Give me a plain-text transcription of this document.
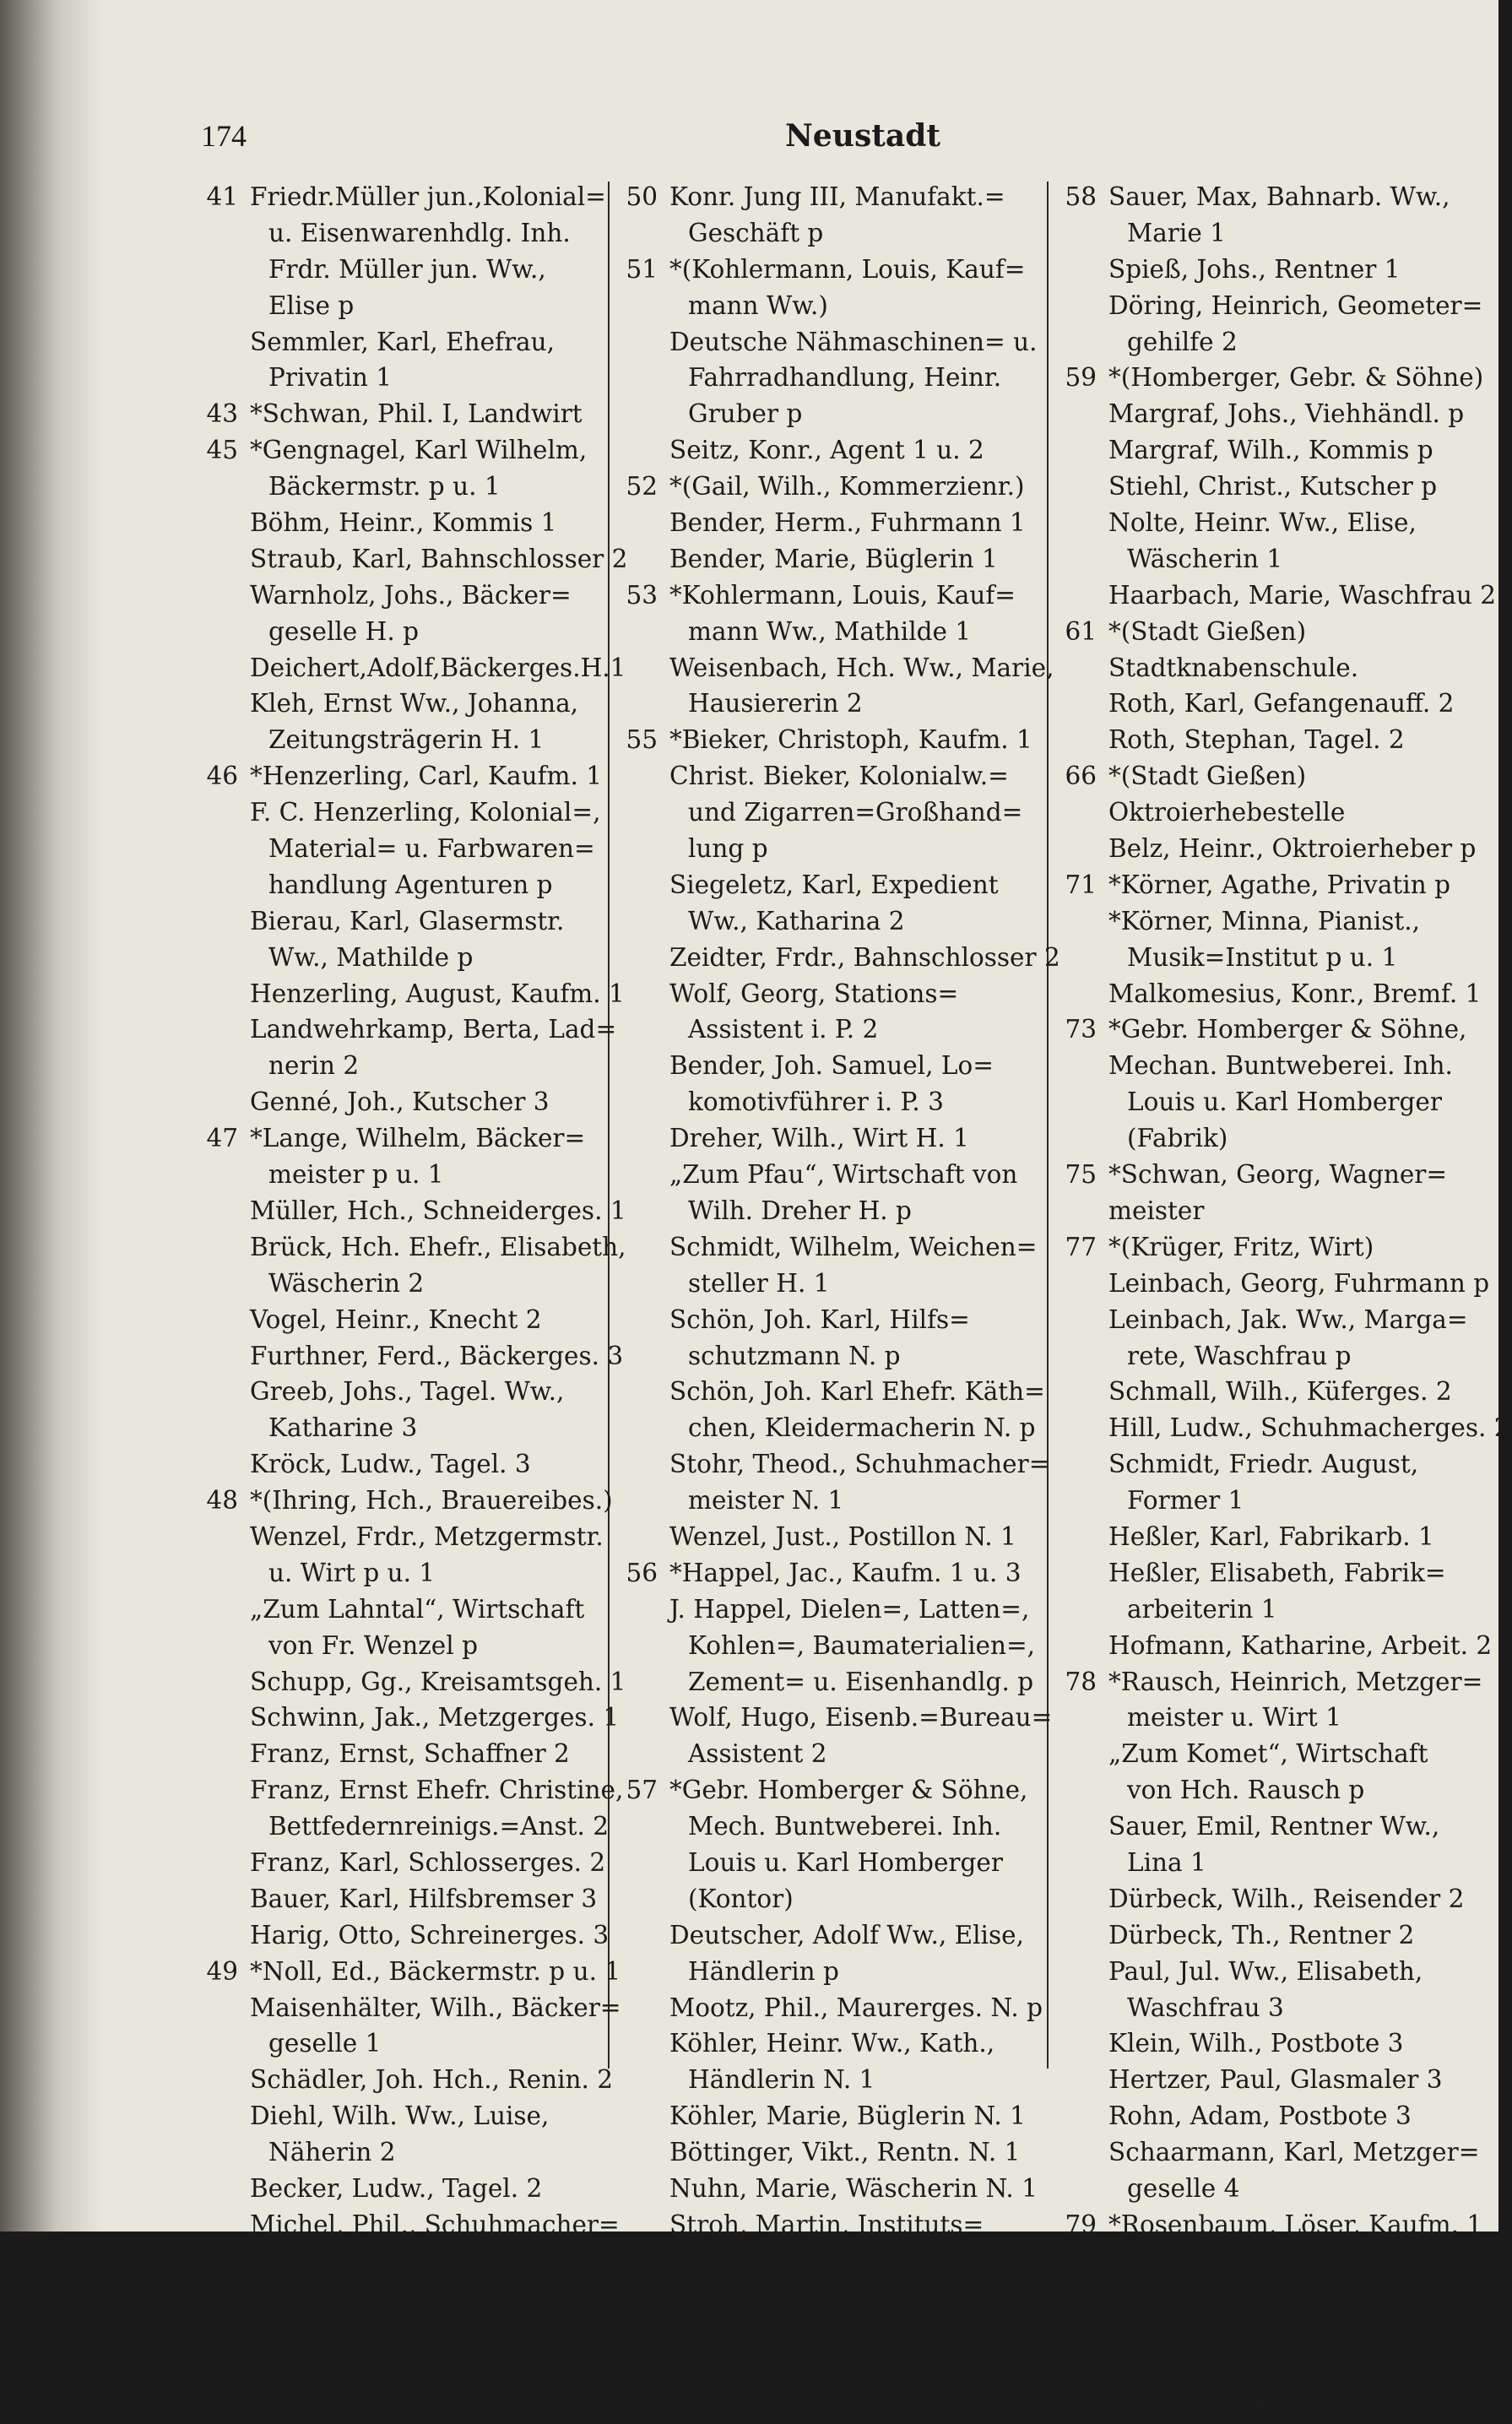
174	Neustadt
41 Friedr.Müller jun.,Kolonial=
u. Eisenwarenhdlg. Inh.
Frdr. Müller jun. Ww.,
Elise p
Semmler, Karl, Ehefrau,
Privatin 1
43 *Schwan, Phil. I, Landwirt
45 *Gengnagel, Karl Wilhelm,
Bäckermstr. p u. 1
Böhm, Heinr., Kommis 1
Straub, Karl, Bahnschlosser 2
Warnholz, Johs., Bäcker=
geselle H. p
Deichert,Adolf,Bäckerges.H.1
Kleh, Ernst Ww., Johanna,
Zeitungsträgerin H. 1
46 *Henzerling, Carl, Kaufm. 1
F. C. Henzerling, Kolonial=,
Material= u. Farbwaren=
handlung Agenturen p
Bierau, Karl, Glasermstr.
Ww., Mathilde p
Henzerling, August, Kaufm. 1
Landwehrkamp, Berta, Lad=
nerin 2
Genné, Joh., Kutscher 3
47 *Lange, Wilhelm, Bäcker=
meister p u. 1
Müller, Hch., Schneiderges. 1
Brück, Hch. Ehefr., Elisabeth,
Wäscherin 2
Vogel, Heinr., Knecht 2
Furthner, Ferd., Bäckerges. 3
Greeb, Johs., Tagel. Ww.,
Katharine 3
Kröck, Ludw., Tagel. 3
48 *(Ihring, Hch., Brauereibes.)
Wenzel, Frdr., Metzgermstr.
u. Wirt p u. 1
„Zum Lahntal“, Wirtschaft
von Fr. Wenzel p
Schupp, Gg., Kreisamtsgeh. 1
Schwinn, Jak., Metzgerges. 1
Franz, Ernst, Schaffner 2
Franz, Ernst Ehefr. Christine,
Bettfedernreinigs.=Anst. 2
Franz, Karl, Schlosserges. 2
Bauer, Karl, Hilfsbremser 3
Harig, Otto, Schreinerges. 3
49 *Noll, Ed., Bäckermstr. p u. 1
Maisenhälter, Wilh., Bäcker=
geselle 1
Schädler, Joh. Hch., Renin. 2
Diehl, Wilh. Ww., Luise,
Näherin 2
Becker, Ludw., Tagel. 2
Michel, Phil., Schuhmacher=
meister 3
Lager v. J. Happel H. p
Werner, Heinr., Städt. Arbeit.
H. 1
50 *Jung, Konr., Kaufmann
50 Konr. Jung III, Manufakt.=
Geschäft p
51 *(Kohlermann, Louis, Kauf=
mann Ww.)
Deutsche Nähmaschinen= u.
Fahrradhandlung, Heinr.
Gruber p
Seitz, Konr., Agent 1 u. 2
52 *(Gail, Wilh., Kommerzienr.)
Bender, Herm., Fuhrmann 1
Bender, Marie, Büglerin 1
53 *Kohlermann, Louis, Kauf=
mann Ww., Mathilde 1
Weisenbach, Hch. Ww., Marie,
Hausiererin 2
55 *Bieker, Christoph, Kaufm. 1
Christ. Bieker, Kolonialw.=
und Zigarren=Großhand=
lung p
Siegeletz, Karl, Expedient
Ww., Katharina 2
Zeidter, Frdr., Bahnschlosser 2
Wolf, Georg, Stations=
Assistent i. P. 2
Bender, Joh. Samuel, Lo=
komotivführer i. P. 3
Dreher, Wilh., Wirt H. 1
„Zum Pfau“, Wirtschaft von
Wilh. Dreher H. p
Schmidt, Wilhelm, Weichen=
steller H. 1
Schön, Joh. Karl, Hilfs=
schutzmann N. p
Schön, Joh. Karl Ehefr. Käth=
chen, Kleidermacherin N. p
Stohr, Theod., Schuhmacher=
meister N. 1
Wenzel, Just., Postillon N. 1
56 *Happel, Jac., Kaufm. 1 u. 3
J. Happel, Dielen=, Latten=,
Kohlen=, Baumaterialien=,
Zement= u. Eisenhandlg. p
Wolf, Hugo, Eisenb.=Bureau=
Assistent 2
57 *Gebr. Homberger & Söhne,
Mech. Buntweberei. Inh.
Louis u. Karl Homberger
(Kontor)
Deutscher, Adolf Ww., Elise,
Händlerin p
Mootz, Phil., Maurerges. N. p
Köhler, Heinr. Ww., Kath.,
Händlerin N. 1
Köhler, Marie, Büglerin N. 1
Böttinger, Vikt., Rentn. N. 1
Nuhn, Marie, Wäscherin N. 1
Stroh, Martin, Instituts=
diener N. 1 u. 2
Stork, Karl, Diener 2
58 *(Friedel & Asprion)
Sauer, Heinr., Wirt 1
Wirtschaft von Hch. Sauer p
58 Sauer, Max, Bahnarb. Ww.,
Marie 1
Spieß, Johs., Rentner 1
Döring, Heinrich, Geometer=
gehilfe 2
59 *(Homberger, Gebr. & Söhne)
Margraf, Johs., Viehhändl. p
Margraf, Wilh., Kommis p
Stiehl, Christ., Kutscher p
Nolte, Heinr. Ww., Elise,
Wäscherin 1
Haarbach, Marie, Waschfrau 2
61 *(Stadt Gießen)
Stadtknabenschule.
Roth, Karl, Gefangenauff. 2
Roth, Stephan, Tagel. 2
66 *(Stadt Gießen)
Oktroierhebestelle
Belz, Heinr., Oktroierheber p
71 *Körner, Agathe, Privatin p
*Körner, Minna, Pianist.,
Musik=Institut p u. 1
Malkomesius, Konr., Bremf. 1
73 *Gebr. Homberger & Söhne,
Mechan. Buntweberei. Inh.
Louis u. Karl Homberger
(Fabrik)
75 *Schwan, Georg, Wagner=
meister
77 *(Krüger, Fritz, Wirt)
Leinbach, Georg, Fuhrmann p
Leinbach, Jak. Ww., Marga=
rete, Waschfrau p
Schmall, Wilh., Küferges. 2
Hill, Ludw., Schuhmacherges. 2
Schmidt, Friedr. August,
Former 1
Heßler, Karl, Fabrikarb. 1
Heßler, Elisabeth, Fabrik=
arbeiterin 1
Hofmann, Katharine, Arbeit. 2
78 *Rausch, Heinrich, Metzger=
meister u. Wirt 1
„Zum Komet“, Wirtschaft
von Hch. Rausch p
Sauer, Emil, Rentner Ww.,
Lina 1
Dürbeck, Wilh., Reisender 2
Dürbeck, Th., Rentner 2
Paul, Jul. Ww., Elisabeth,
Waschfrau 3
Klein, Wilh., Postbote 3
Hertzer, Paul, Glasmaler 3
Rohn, Adam, Postbote 3
Schaarmann, Karl, Metzger=
geselle 4
79 *Rosenbaum, Löser, Kaufm. 1
Jacob, Siegmund, Kaufm. 1
L. Rosenbaum & Jacob,
Manufakt.=, Weiß=, Woll=
u. Kurzwaren en gros u.
en detail, Konfektion p
